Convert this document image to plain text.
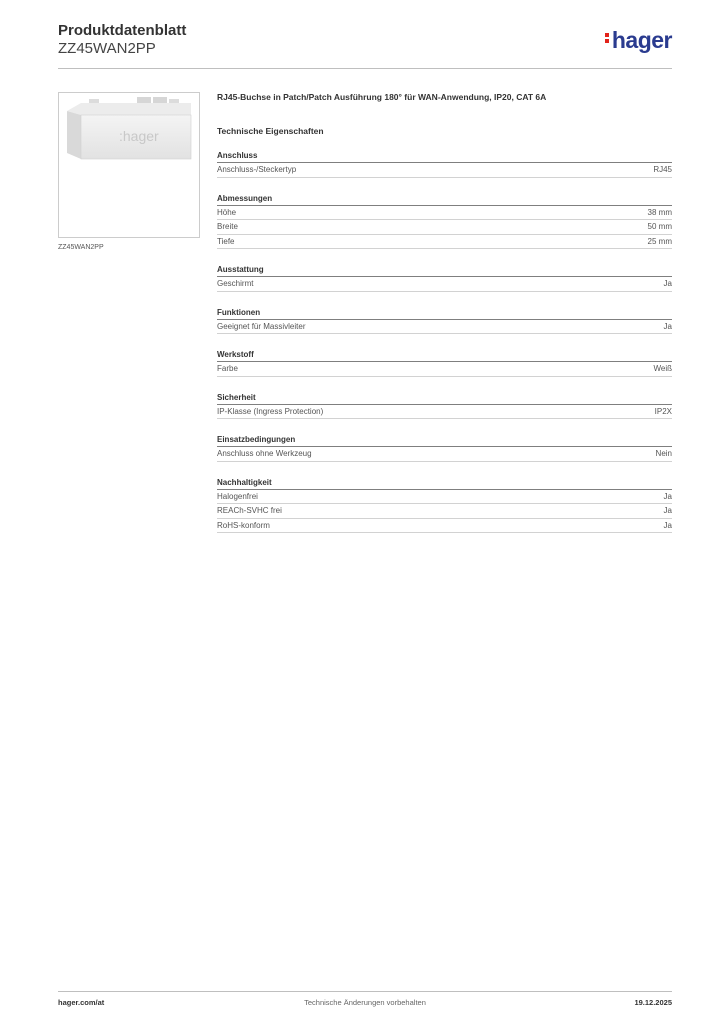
Produktdatenblatt
ZZ45WAN2PP	hager
:hager
ZZ45WAN2PP
RJ45-Buchse in Patch/Patch Ausführung 180° für WAN-Anwendung, IP20, CAT 6A
Technische Eigenschaften
Anschluss
Anschluss-/Steckertyp	RJ45
Abmessungen
Höhe	38 mm
Breite	50 mm
Tiefe	25 mm
Ausstattung
Geschirmt	Ja
Funktionen
Geeignet für Massivleiter	Ja
Werkstoff
Farbe	Weiß
Sicherheit
IP-Klasse (Ingress Protection)	IP2X
Einsatzbedingungen
Anschluss ohne Werkzeug	Nein
Nachhaltigkeit
Halogenfrei	Ja
REACh-SVHC frei	Ja
RoHS-konform	Ja
hager.com/at	Technische Änderungen vorbehalten	19.12.2025
